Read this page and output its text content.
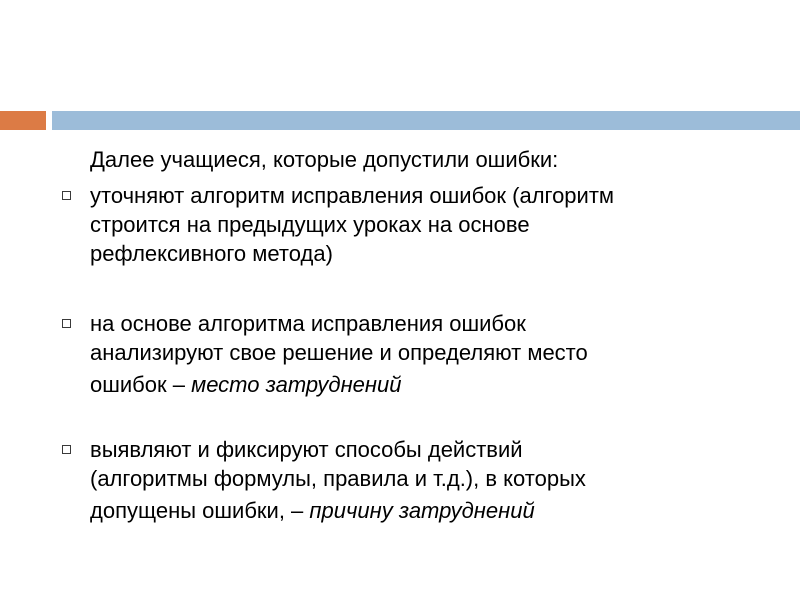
Далее учащиеся, которые допустили ошибки:
уточняют алгоритм исправления ошибок (алгоритм
строится на предыдущих уроках на основе
рефлексивного метода)
на основе алгоритма исправления ошибок
анализируют свое решение и определяют место
ошибок – место затруднений
выявляют и фиксируют способы действий
(алгоритмы формулы, правила и т.д.), в которых
допущены ошибки, – причину затруднений
